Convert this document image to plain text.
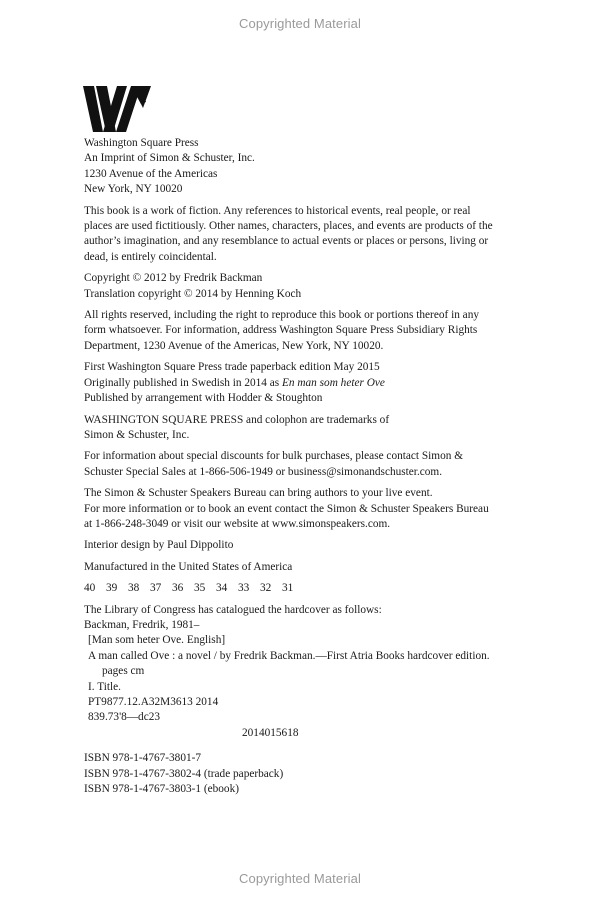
Copyrighted Material

Washington Square Press
An Imprint of Simon & Schuster, Inc.
1230 Avenue of the Americas
New York, NY 10020

This book is a work of fiction. Any references to historical events, real people, or real
places are used fictitiously. Other names, characters, places, and events are products of the
author’s imagination, and any resemblance to actual events or places or persons, living or
dead, is entirely coincidental.

Copyright © 2012 by Fredrik Backman
Translation copyright © 2014 by Henning Koch

All rights reserved, including the right to reproduce this book or portions thereof in any
form whatsoever. For information, address Washington Square Press Subsidiary Rights
Department, 1230 Avenue of the Americas, New York, NY 10020.

First Washington Square Press trade paperback edition May 2015
Originally published in Swedish in 2014 as En man som heter Ove
Published by arrangement with Hodder & Stoughton

WASHINGTON SQUARE PRESS and colophon are trademarks of
Simon & Schuster, Inc.

For information about special discounts for bulk purchases, please contact Simon &
Schuster Special Sales at 1-866-506-1949 or business@simonandschuster.com.

The Simon & Schuster Speakers Bureau can bring authors to your live event.
For more information or to book an event contact the Simon & Schuster Speakers Bureau
at 1-866-248-3049 or visit our website at www.simonspeakers.com.

Interior design by Paul Dippolito

Manufactured in the United States of America

40 39 38 37 36 35 34 33 32 31

The Library of Congress has catalogued the hardcover as follows:
Backman, Fredrik, 1981–
[Man som heter Ove. English]
A man called Ove : a novel / by Fredrik Backman.—First Atria Books hardcover edition.
pages cm
I. Title.
PT9877.12.A32M3613 2014
839.73'8—dc23
2014015618

ISBN 978-1-4767-3801-7
ISBN 978-1-4767-3802-4 (trade paperback)
ISBN 978-1-4767-3803-1 (ebook)

Copyrighted Material
